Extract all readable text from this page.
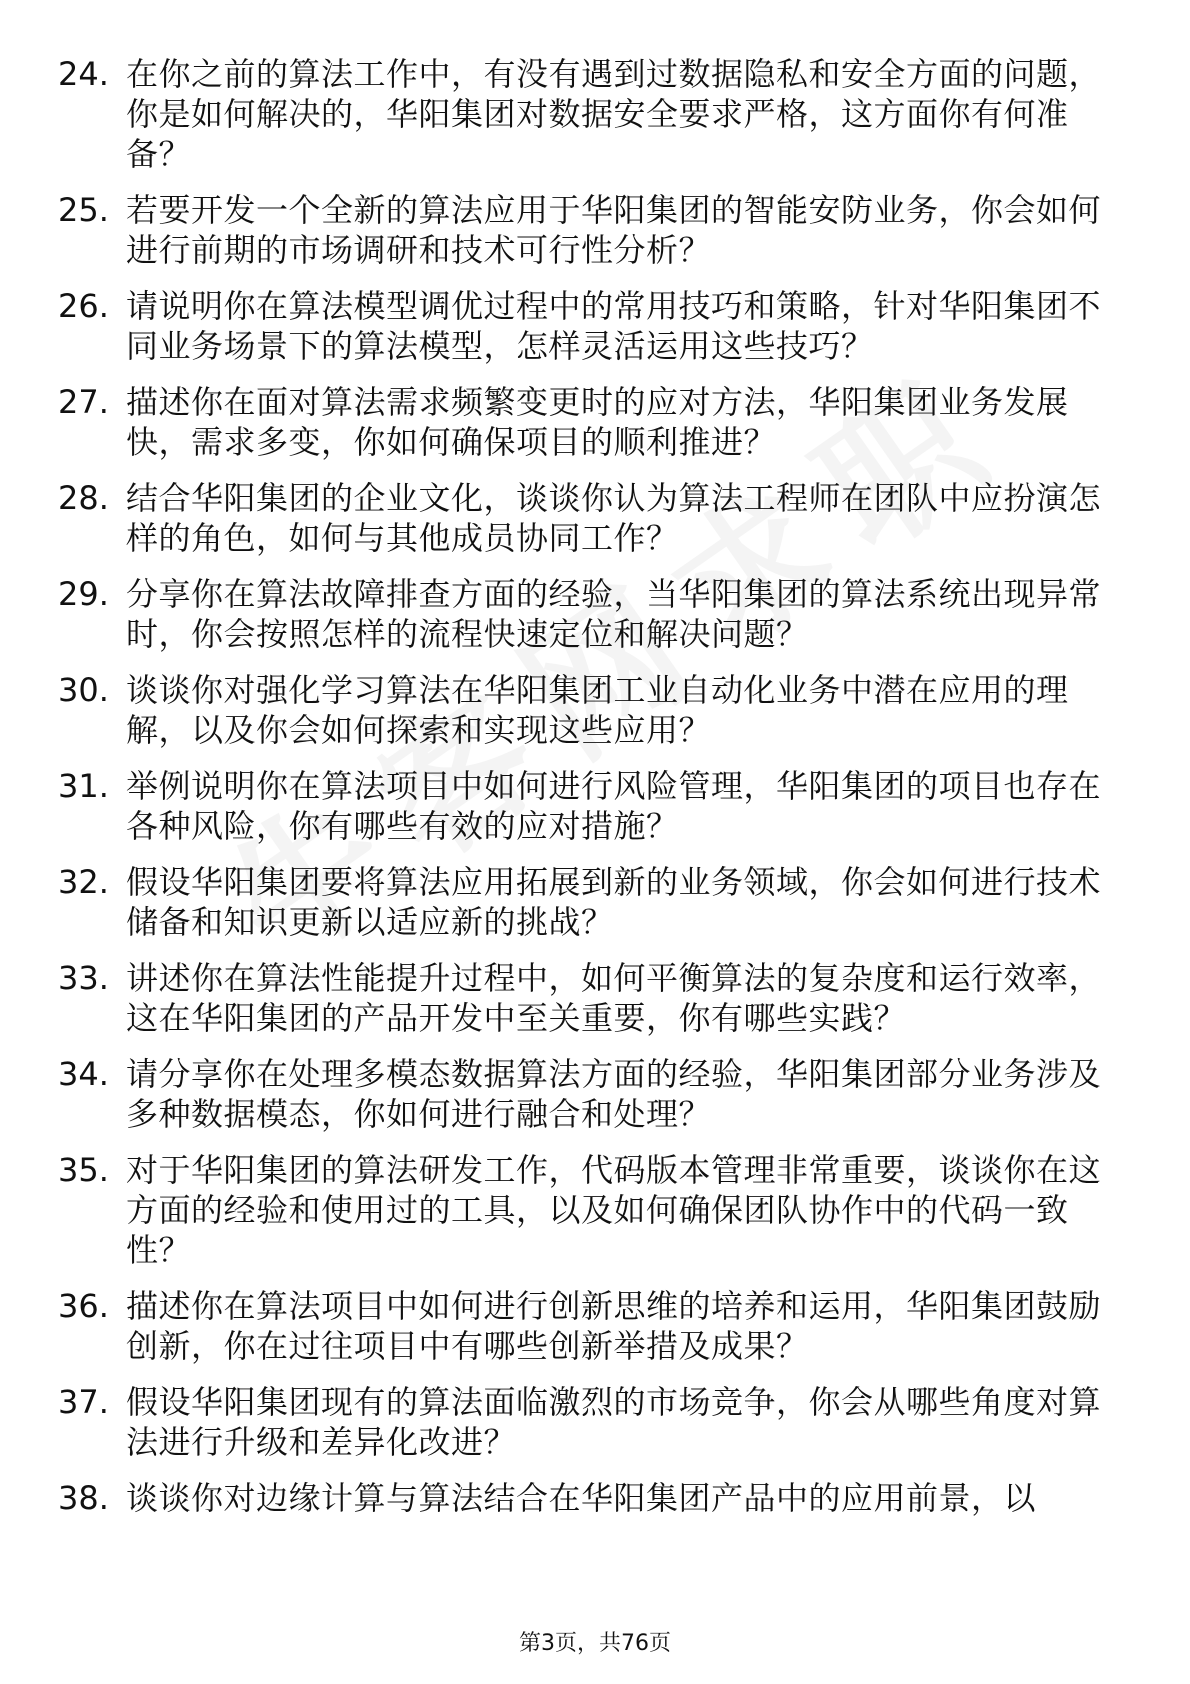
24. 在你之前的算法工作中，有没有遇到过数据隐私和安全方面的问题，你是如何解决的，华阳集团对数据安全要求严格，这方面你有何准备？
25. 若要开发一个全新的算法应用于华阳集团的智能安防业务，你会如何进行前期的市场调研和技术可行性分析？
26. 请说明你在算法模型调优过程中的常用技巧和策略，针对华阳集团不同业务场景下的算法模型，怎样灵活运用这些技巧？
27. 描述你在面对算法需求频繁变更时的应对方法，华阳集团业务发展快，需求多变，你如何确保项目的顺利推进？
28. 结合华阳集团的企业文化，谈谈你认为算法工程师在团队中应扮演怎样的角色，如何与其他成员协同工作？
29. 分享你在算法故障排查方面的经验，当华阳集团的算法系统出现异常时，你会按照怎样的流程快速定位和解决问题？
30. 谈谈你对强化学习算法在华阳集团工业自动化业务中潜在应用的理解，以及你会如何探索和实现这些应用？
31. 举例说明你在算法项目中如何进行风险管理，华阳集团的项目也存在各种风险，你有哪些有效的应对措施？
32. 假设华阳集团要将算法应用拓展到新的业务领域，你会如何进行技术储备和知识更新以适应新的挑战？
33. 讲述你在算法性能提升过程中，如何平衡算法的复杂度和运行效率，这在华阳集团的产品开发中至关重要，你有哪些实践？
34. 请分享你在处理多模态数据算法方面的经验，华阳集团部分业务涉及多种数据模态，你如何进行融合和处理？
35. 对于华阳集团的算法研发工作，代码版本管理非常重要，谈谈你在这方面的经验和使用过的工具，以及如何确保团队协作中的代码一致性？
36. 描述你在算法项目中如何进行创新思维的培养和运用，华阳集团鼓励创新，你在过往项目中有哪些创新举措及成果？
37. 假设华阳集团现有的算法面临激烈的市场竞争，你会从哪些角度对算法进行升级和差异化改进？
38. 谈谈你对边缘计算与算法结合在华阳集团产品中的应用前景，以
第3页，共76页
